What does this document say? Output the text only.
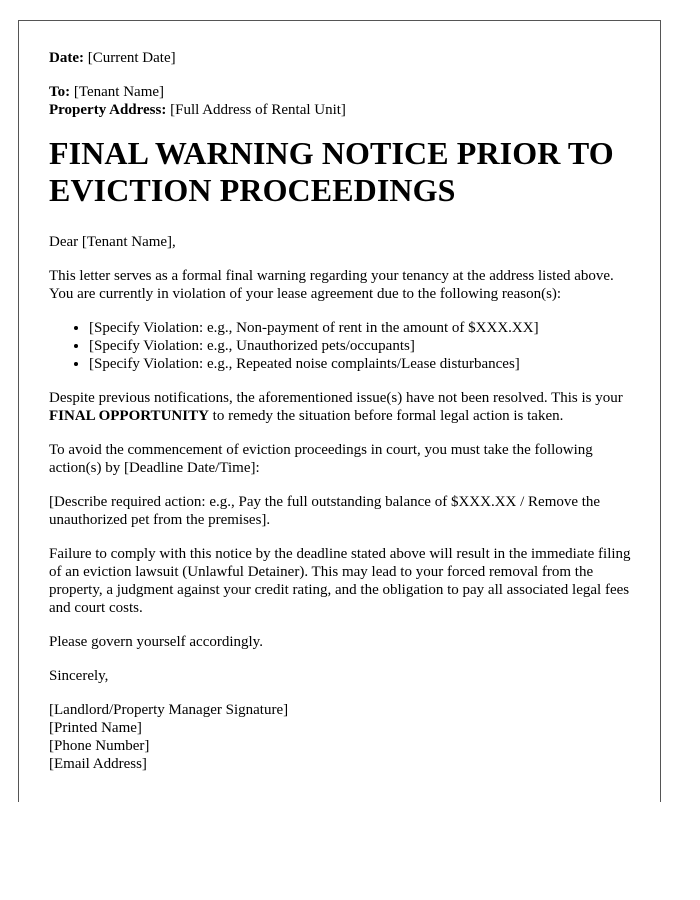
Date: [Current Date]

To: [Tenant Name]

Property Address: [Full Address of Rental Unit]

FINAL WARNING NOTICE PRIOR TO EVICTION PROCEEDINGS

Dear [Tenant Name],

This letter serves as a formal final warning regarding your tenancy at the address listed above. You are currently in violation of your lease agreement due to the following reason(s):

• [Specify Violation: e.g., Non-payment of rent in the amount of $XXX.XX]
• [Specify Violation: e.g., Unauthorized pets/occupants]
• [Specify Violation: e.g., Repeated noise complaints/Lease disturbances]

Despite previous notifications, the aforementioned issue(s) have not been resolved. This is your FINAL OPPORTUNITY to remedy the situation before formal legal action is taken.

To avoid the commencement of eviction proceedings in court, you must take the following action(s) by [Deadline Date/Time]:

[Describe required action: e.g., Pay the full outstanding balance of $XXX.XX / Remove the unauthorized pet from the premises].

Failure to comply with this notice by the deadline stated above will result in the immediate filing of an eviction lawsuit (Unlawful Detainer). This may lead to your forced removal from the property, a judgment against your credit rating, and the obligation to pay all associated legal fees and court costs.

Please govern yourself accordingly.

Sincerely,

[Landlord/Property Manager Signature]

[Printed Name]

[Phone Number]

[Email Address]
